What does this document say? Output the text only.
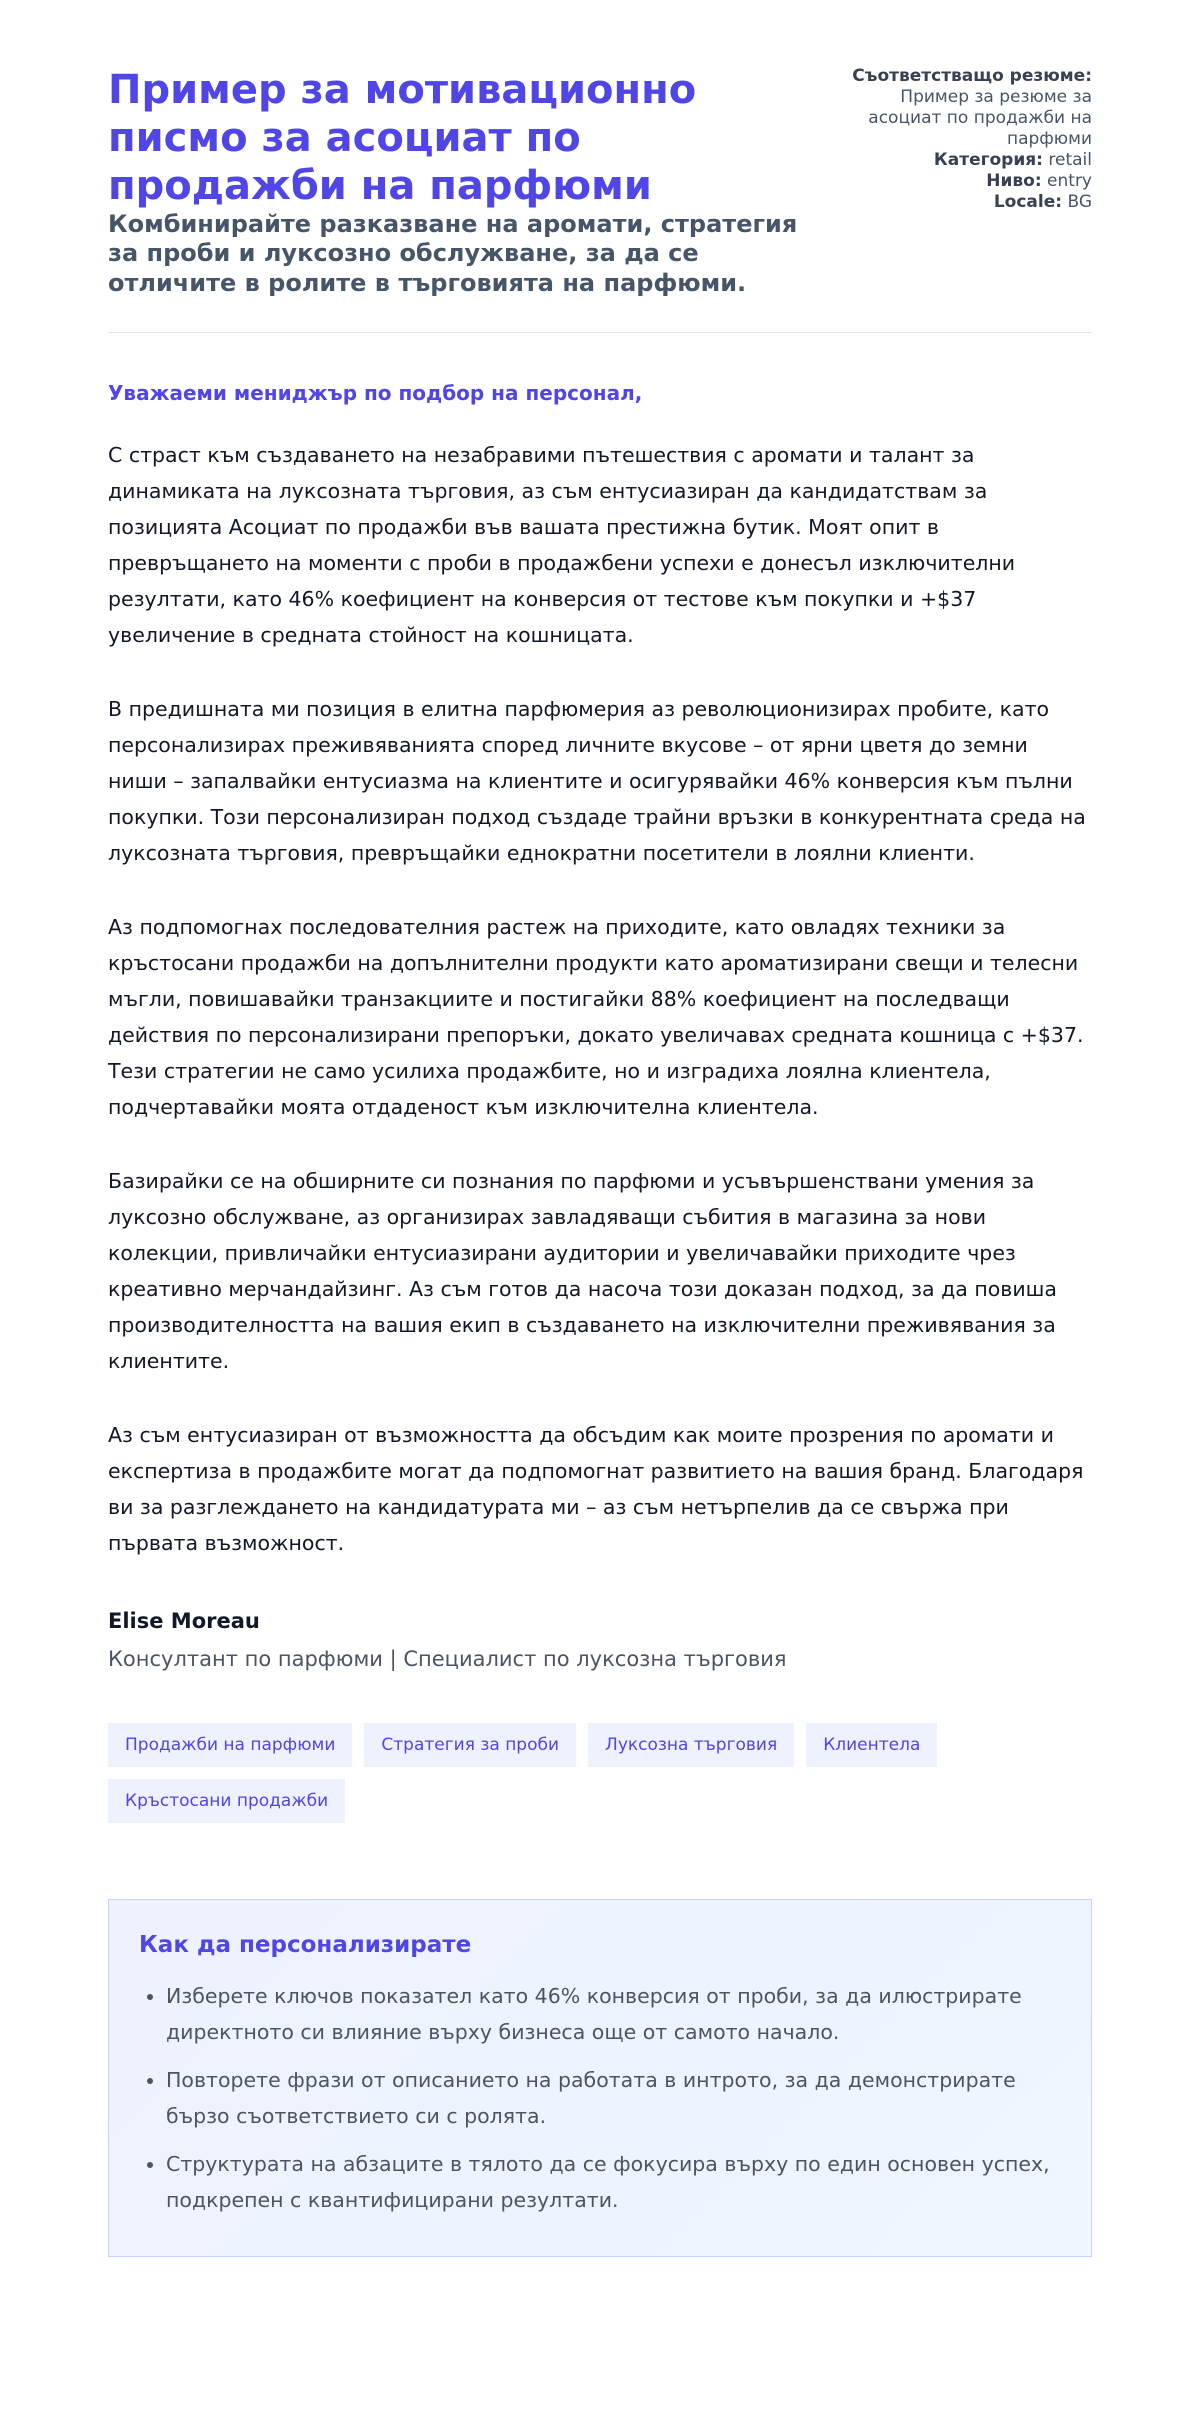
Пример за мотивационно писмо за асоциат по продажби на парфюми
Комбинирайте разказване на аромати, стратегия за проби и луксозно обслужване, за да се отличите в ролите в търговията на парфюми.

Съответстващо резюме:

Пример за резюме за асоциат по продажби на парфюми

Категория: retail

Ниво: entry

Locale: BG

Уважаеми мениджър по подбор на персонал,

С страст към създаването на незабравими пътешествия с аромати и талант за динамиката на луксозната търговия, аз съм ентусиазиран да кандидатствам за позицията Асоциат по продажби във вашата престижна бутик. Моят опит в превръщането на моменти с проби в продажбени успехи е донесъл изключителни резултати, като 46% коефициент на конверсия от тестове към покупки и +$37 увеличение в средната стойност на кошницата.

В предишната ми позиция в елитна парфюмерия аз революционизирах пробите, като персонализирах преживяванията според личните вкусове – от ярни цветя до земни ниши – запалвайки ентусиазма на клиентите и осигурявайки 46% конверсия към пълни покупки. Този персонализиран подход създаде трайни връзки в конкурентната среда на луксозната търговия, превръщайки еднократни посетители в лоялни клиенти.

Аз подпомогнах последователния растеж на приходите, като овладях техники за кръстосани продажби на допълнителни продукти като ароматизирани свещи и телесни мъгли, повишавайки транзакциите и постигайки 88% коефициент на последващи действия по персонализирани препоръки, докато увеличавах средната кошница с +$37. Тези стратегии не само усилиха продажбите, но и изградиха лоялна клиентела, подчертавайки моята отдаденост към изключителна клиентела.

Базирайки се на обширните си познания по парфюми и усъвършенствани умения за луксозно обслужване, аз организирах завладяващи събития в магазина за нови колекции, привличайки ентусиазирани аудитории и увеличавайки приходите чрез креативно мерчандайзинг. Аз съм готов да насоча този доказан подход, за да повиша производителността на вашия екип в създаването на изключителни преживявания за клиентите.

Аз съм ентусиазиран от възможността да обсъдим как моите прозрения по аромати и експертиза в продажбите могат да подпомогнат развитието на вашия бранд. Благодаря ви за разглеждането на кандидатурата ми – аз съм нетърпелив да се свържа при първата възможност.

Elise Moreau

Консултант по парфюми | Специалист по луксозна търговия

Продажби на парфюми	Стратегия за проби	Луксозна търговия	Клиентела
Кръстосани продажби
Как да персонализирате
• Изберете ключов показател като 46% конверсия от проби, за да илюстрирате директното си влияние върху бизнеса още от самото начало.
• Повторете фрази от описанието на работата в интрото, за да демонстрирате бързо съответствието си с ролята.
• Структурата на абзаците в тялото да се фокусира върху по един основен успех, подкрепен с квантифицирани резултати.
